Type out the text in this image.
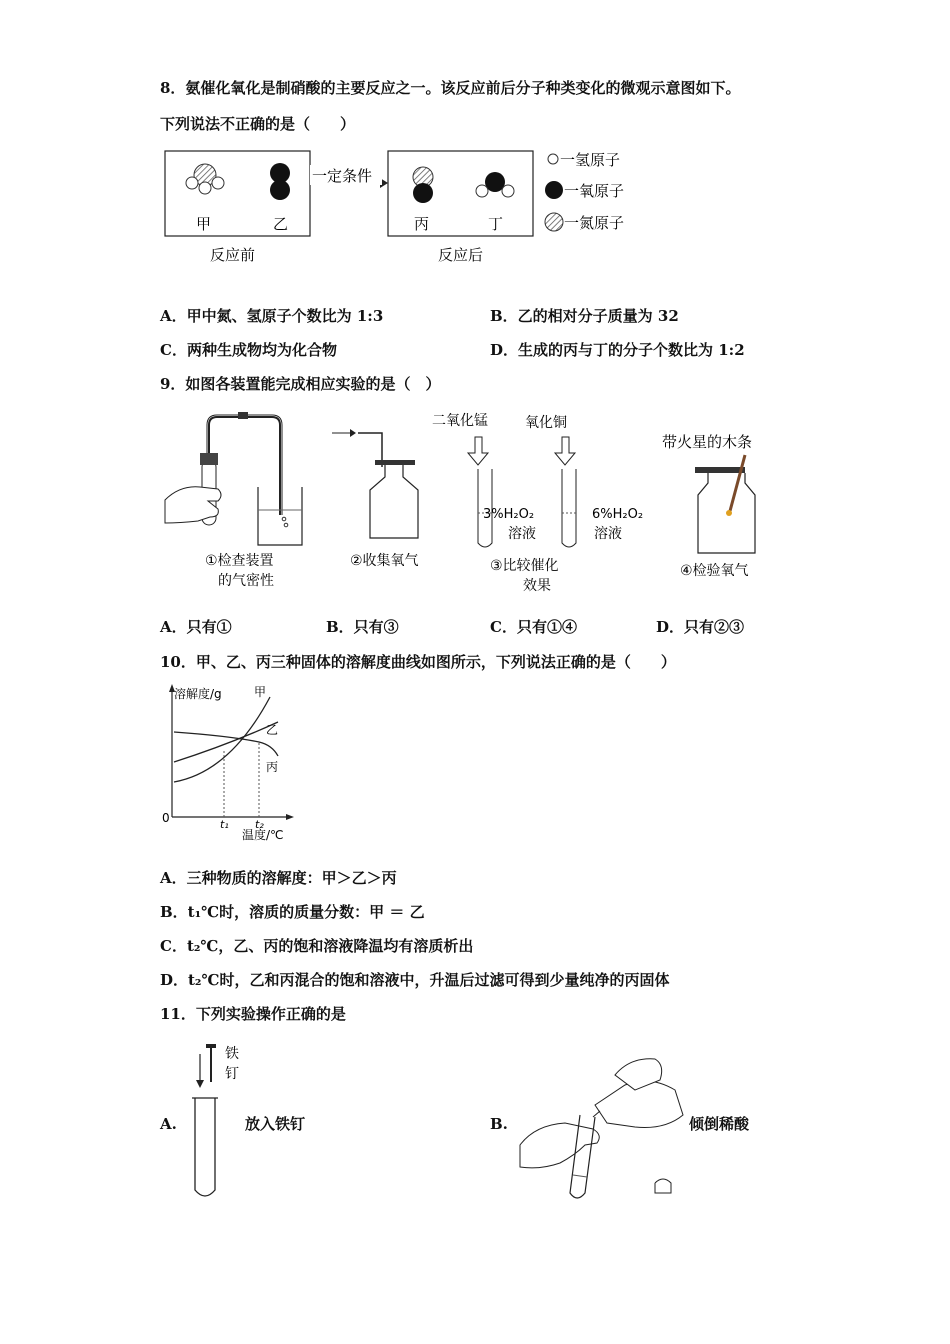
8．氨催化氧化是制硝酸的主要反应之一。该反应前后分子种类变化的微观示意图如下。
下列说法不正确的是（　　）
甲	乙
一定条件
丙	丁
反应前	反应后
一氢原子
一氧原子
一氮原子
A．甲中氮、氢原子个数比为 1:3	B．乙的相对分子质量为 32
C．两种生成物均为化合物	D．生成的丙与丁的分子个数比为 1:2
9．如图各装置能完成相应实验的是（　）
①检查装置
的气密性
②收集氧气
二氧化锰	氧化铜
3%H₂O₂
溶液
6%H₂O₂
溶液
③比较催化
效果
带火星的木条
④检验氧气
A．只有①	B．只有③	C．只有①④	D．只有②③
10．甲、乙、丙三种固体的溶解度曲线如图所示，下列说法正确的是（　　）
溶解度/g
0
温度/℃
t₁ t₂
甲
乙
丙
A．三种物质的溶解度：甲＞乙＞丙
B．t₁℃时，溶质的质量分数：甲 ＝ 乙
C．t₂℃，乙、丙的饱和溶液降温均有溶质析出
D．t₂℃时，乙和丙混合的饱和溶液中，升温后过滤可得到少量纯净的丙固体
11．下列实验操作正确的是
铁
钉
A.	放入铁钉	B.	倾倒稀酸
